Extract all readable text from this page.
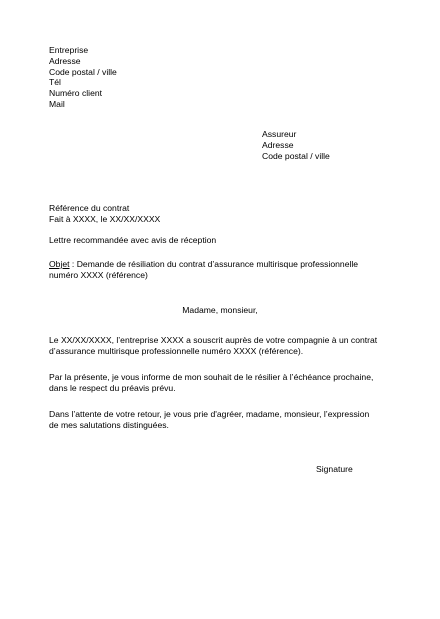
Entreprise
Adresse
Code postal / ville
Tél
Numéro client
Mail
Assureur
Adresse
Code postal / ville
Référence du contrat
Fait à XXXX, le XX/XX/XXXX
Lettre recommandée avec avis de réception
Objet : Demande de résiliation du contrat d’assurance multirisque professionnelle
numéro XXXX (référence)
Madame, monsieur,
Le XX/XX/XXXX, l’entreprise XXXX a souscrit auprès de votre compagnie à un contrat
d’assurance multirisque professionnelle numéro XXXX (référence).
Par la présente, je vous informe de mon souhait de le résilier à l’échéance prochaine,
dans le respect du préavis prévu.
Dans l’attente de votre retour, je vous prie d'agréer, madame, monsieur, l’expression
de mes salutations distinguées.
Signature
